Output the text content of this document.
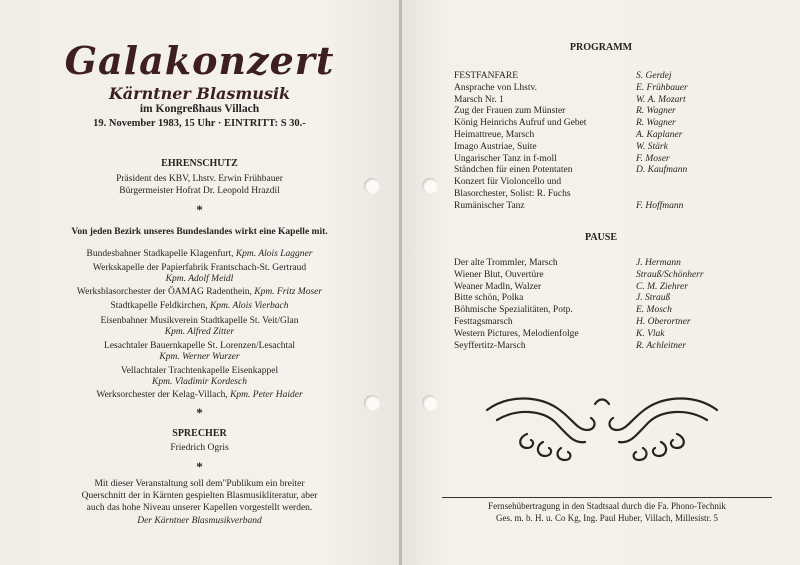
Galakonzert
Kärntner Blasmusik
im Kongreßhaus Villach
19. November 1983, 15 Uhr · EINTRITT: S 30.-
EHRENSCHUTZ
Präsident des KBV, Lhstv. Erwin Frühbauer
Bürgermeister Hofrat Dr. Leopold Hrazdil
*
Von jeden Bezirk unseres Bundeslandes wirkt eine Kapelle mit.
Bundesbahner Stadkapelle Klagenfurt, Kpm. Alois Laggner
Werkskapelle der Papierfabrik Frantschach-St. Gertraud
Kpm. Adolf Meidl
Werksblasorchester der ÖAMAG Radenthein, Kpm. Fritz Moser
Stadtkapelle Feldkirchen, Kpm. Alois Vierbach
Eisenbahner Musikverein Stadtkapelle St. Veit/Glan
Kpm. Alfred Zitter
Lesachtaler Bauernkapelle St. Lorenzen/Lesachtal
Kpm. Werner Wurzer
Vellachtaler Trachtenkapelle Eisenkappel
Kpm. Vladimir Kordesch
Werksorchester der Kelag-Villach, Kpm. Peter Haider
*
SPRECHER
Friedrich Ogris
*
Mit dieser Veranstaltung soll dem"Publikum ein breiter
Querschnitt der in Kärnten gespielten Blasmusikliteratur, aber
auch das hohe Niveau unserer Kapellen vorgestellt werden.
Der Kärntner Blasmusikverband
PROGRAMM
FESTFANFARE	S. Gerdej
Ansprache von Lhstv.	E. Frühbauer
Marsch Nr. 1	W. A. Mozart
Zug der Frauen zum Münster	R. Wagner
König Heinrichs Aufruf und Gebet	R. Wagner
Heimattreue, Marsch	A. Kaplaner
Imago Austriae, Suite	W. Stärk
Ungarischer Tanz in f-moll	F. Moser
Ständchen für einen Potentaten	D. Kaufmann
Konzert für Violoncello und
Blasorchester, Solist: R. Fuchs
Rumänischer Tanz	F. Hoffmann
PAUSE
Der alte Trommler, Marsch	J. Hermann
Wiener Blut, Ouvertüre	Strauß/Schönherr
Weaner Madln, Walzer	C. M. Ziehrer
Bitte schön, Polka	J. Strauß
Böhmische Spezialitäten, Potp.	E. Mosch
Festtagsmarsch	H. Oberortner
Western Pictures, Melodienfolge	K. Vlak
Seyffertitz-Marsch	R. Achleitner
Fernsehübertragung in den Stadtsaal durch die Fa. Phono-Technik
Ges. m. b. H. u. Co Kg, Ing. Paul Huber, Villach, Millesistr. 5
